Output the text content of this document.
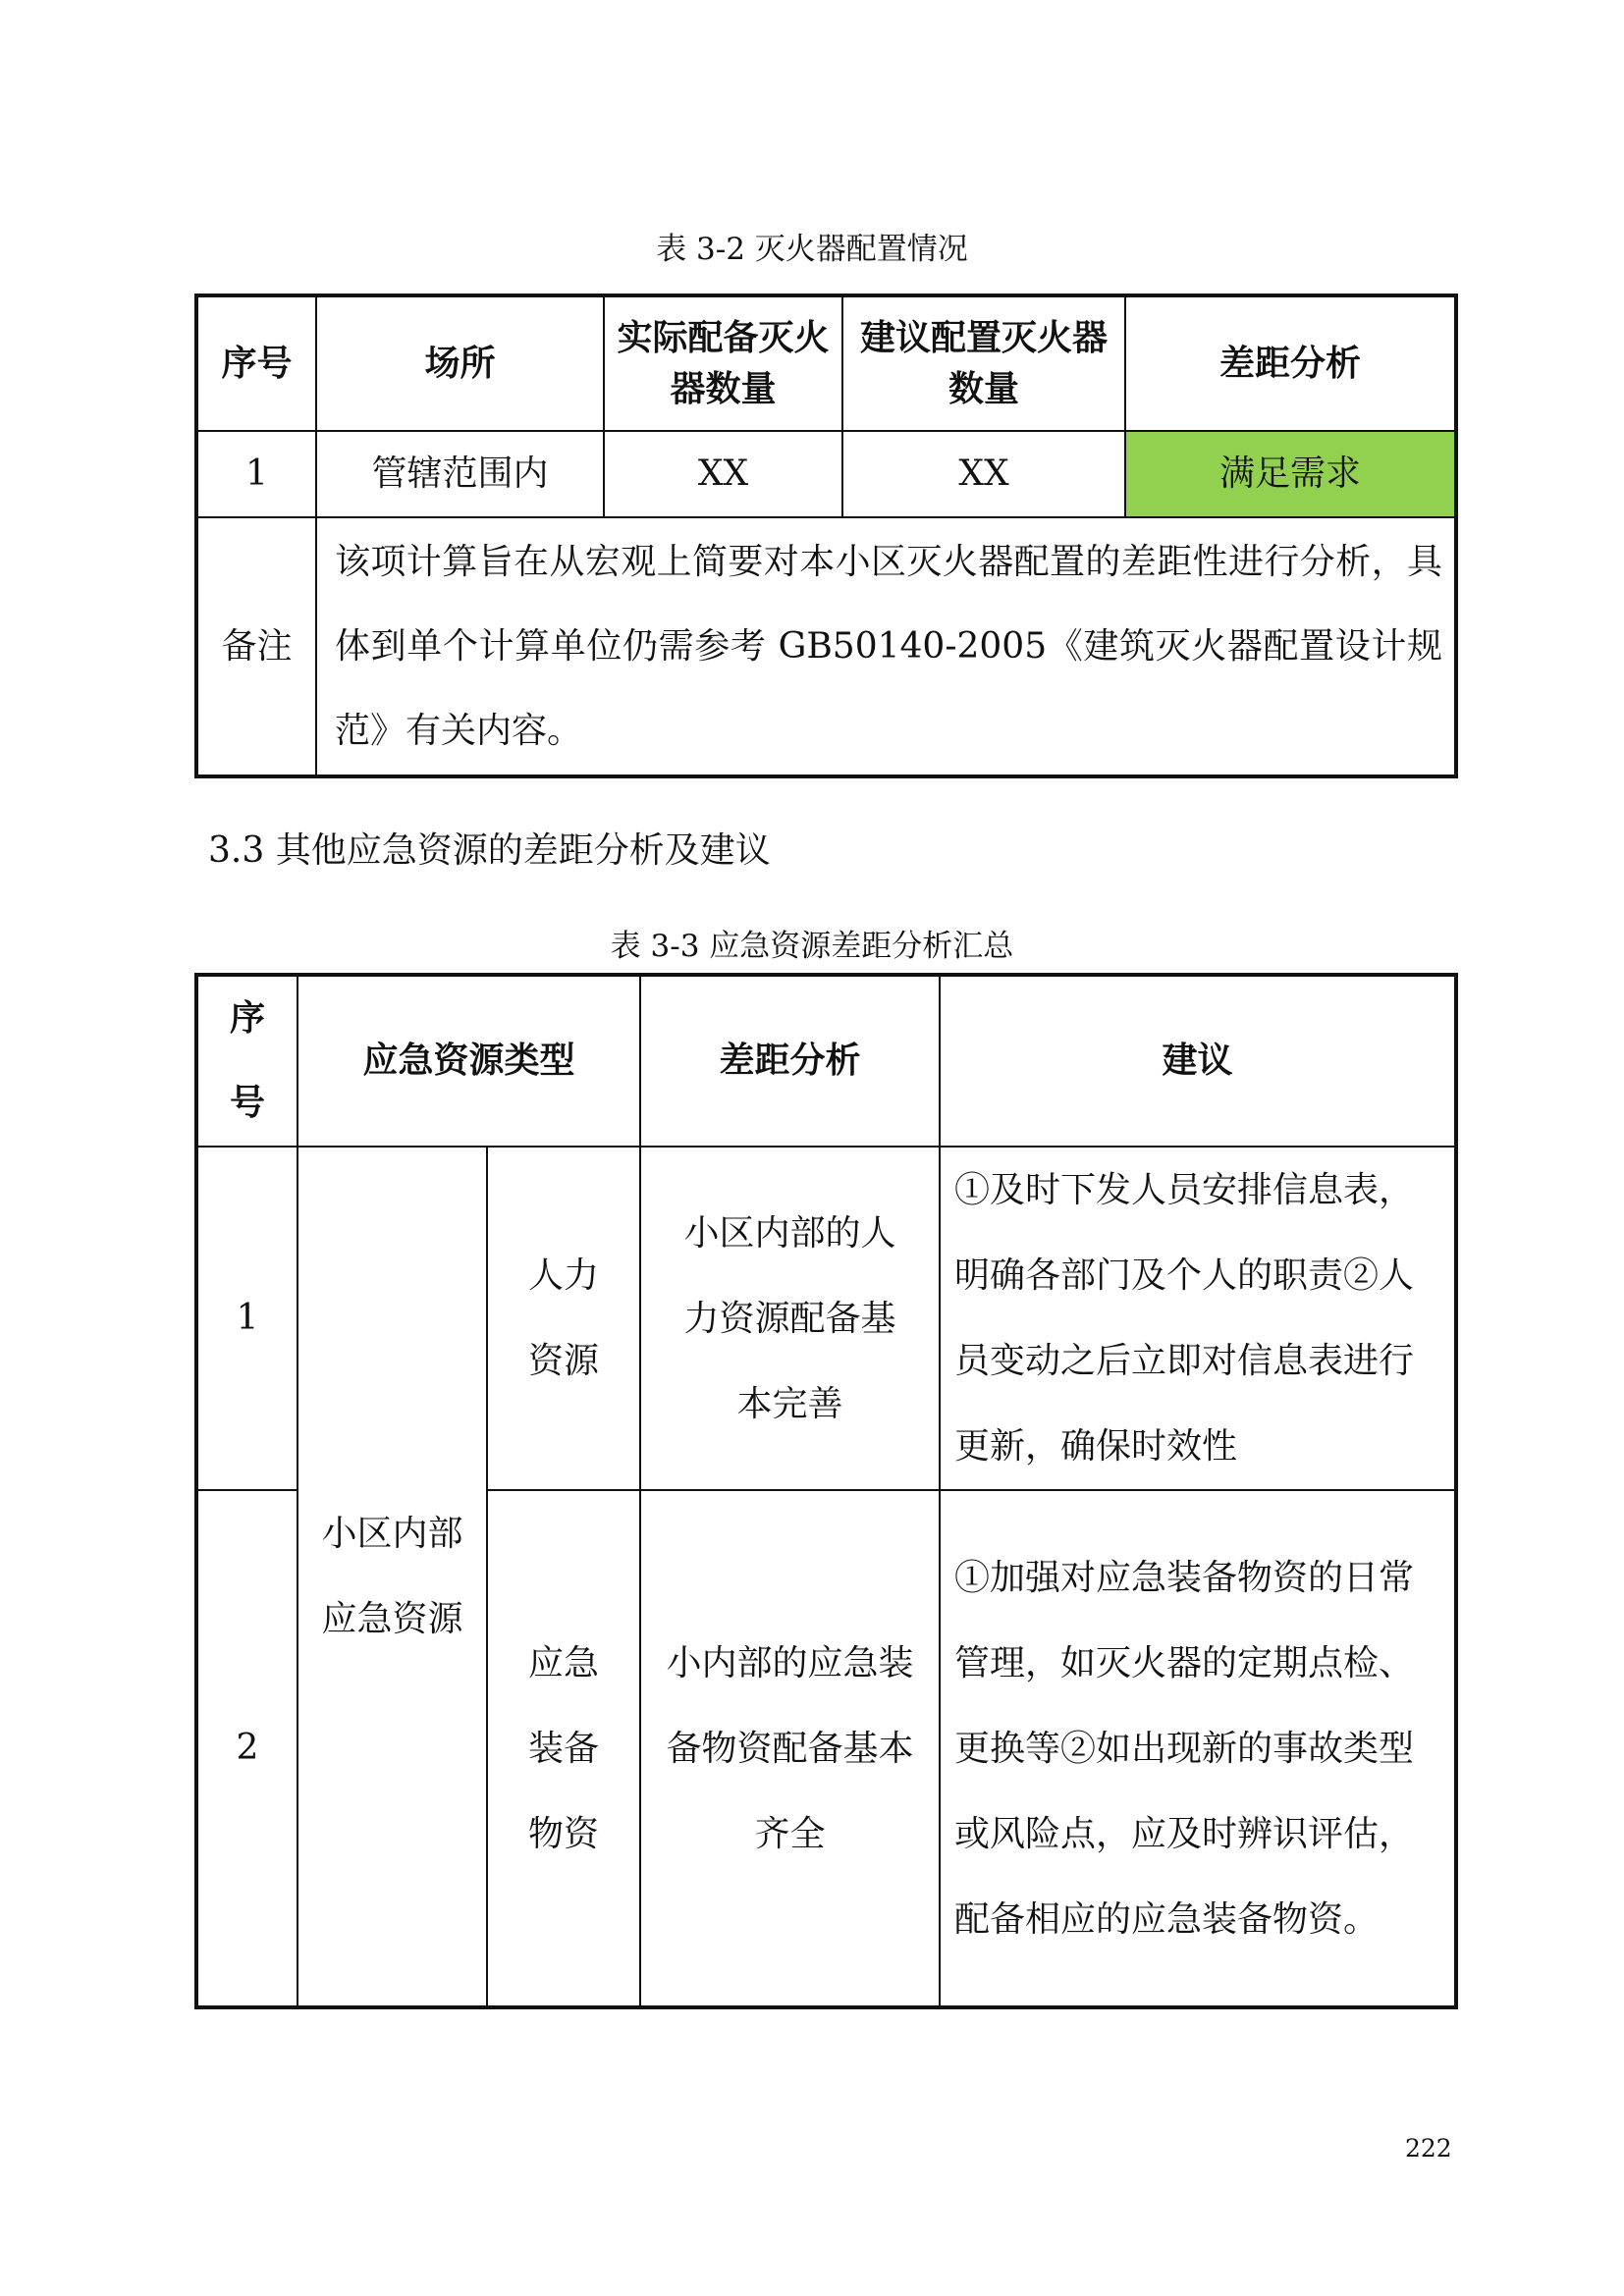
表 3-2 灭火器配置情况
序号	场所	实际配备灭火器数量	建议配置灭火器数量	差距分析
1	管辖范围内	XX	XX	满足需求
备注	该项计算旨在从宏观上简要对本小区灭火器配置的差距性进行分析，具体到单个计算单位仍需参考 GB50140-2005《建筑灭火器配置设计规范》有关内容。			
3.3 其他应急资源的差距分析及建议
表 3-3 应急资源差距分析汇总
序号	应急资源类型		差距分析	建议
1	小区内部应急资源	人力资源	小区内部的人力资源配备基本完善	①及时下发人员安排信息表，明确各部门及个人的职责②人员变动之后立即对信息表进行更新，确保时效性
2		应急装备物资	小内部的应急装备物资配备基本齐全	①加强对应急装备物资的日常管理，如灭火器的定期点检、更换等②如出现新的事故类型或风险点，应及时辨识评估，配备相应的应急装备物资。
222
